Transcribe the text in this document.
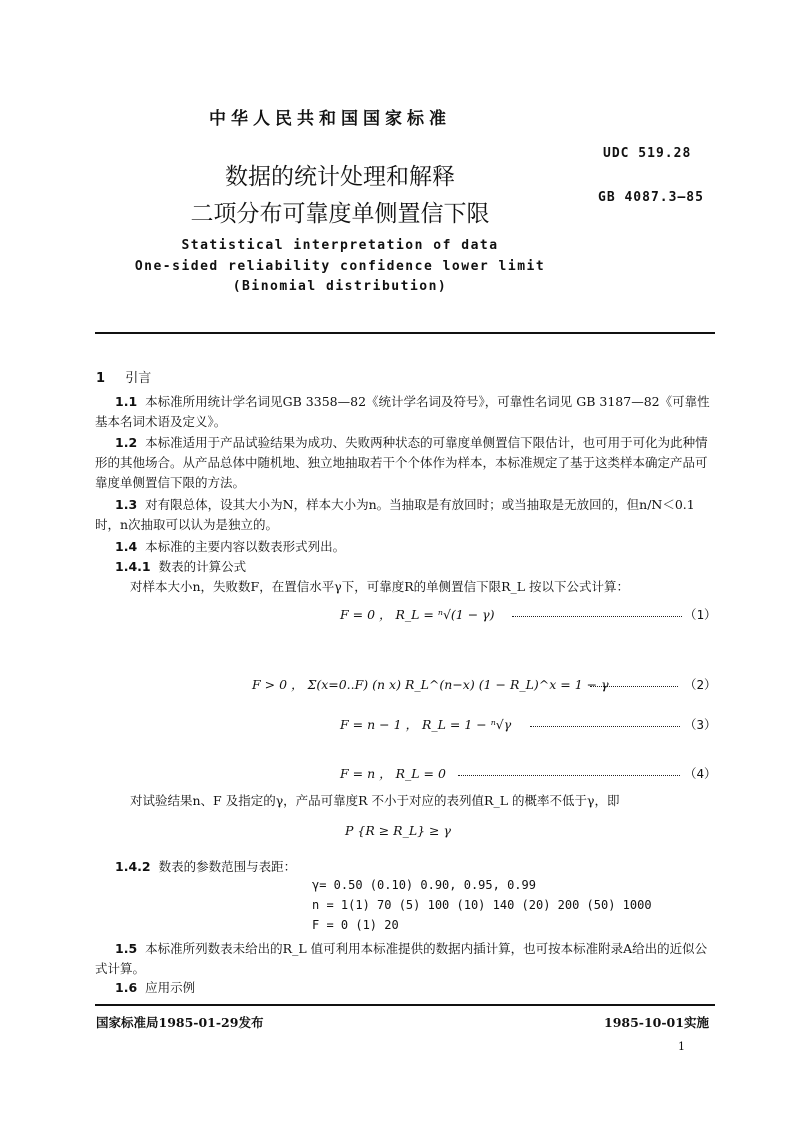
中华人民共和国国家标准
UDC 519.28
GB 4087.3—85
数据的统计处理和解释
二项分布可靠度单侧置信下限
Statistical interpretation of data
One-sided reliability confidence lower limit
(Binomial distribution)
1 引言
1.1 本标准所用统计学名词见GB 3358—82《统计学名词及符号》，可靠性名词见 GB 3187—82《可靠性基本名词术语及定义》。
1.2 本标准适用于产品试验结果为成功、失败两种状态的可靠度单侧置信下限估计，也可用于可化为此种情形的其他场合。从产品总体中随机地、独立地抽取若干个个体作为样本，本标准规定了基于这类样本确定产品可靠度单侧置信下限的方法。
1.3 对有限总体，设其大小为N，样本大小为n。当抽取是有放回时；或当抽取是无放回的，但n/N＜0.1时，n次抽取可以认为是独立的。
1.4 本标准的主要内容以数表形式列出。
1.4.1 数表的计算公式
对样本大小n，失败数F，在置信水平γ下，可靠度R的单侧置信下限R_L 按以下公式计算：
F = 0 ， R_L = ⁿ√(1 − γ)	（1）
F > 0 ， Σ(x=0..F) (n x) R_L^(n−x) (1 − R_L)^x = 1 − γ	（2）
F = n − 1 ， R_L = 1 − ⁿ√γ	（3）
F = n ， R_L = 0	（4）
对试验结果n、F 及指定的γ，产品可靠度R 不小于对应的表列值R_L 的概率不低于γ，即
P {R ≥ R_L} ≥ γ
1.4.2 数表的参数范围与表距：
γ= 0.50 (0.10) 0.90, 0.95, 0.99
n = 1(1) 70 (5) 100 (10) 140 (20) 200 (50) 1000
F = 0 (1) 20
1.5 本标准所列数表未给出的R_L 值可利用本标准提供的数据内插计算，也可按本标准附录A给出的近似公式计算。
1.6 应用示例
国家标准局1985-01-29发布	1985-10-01实施
1
